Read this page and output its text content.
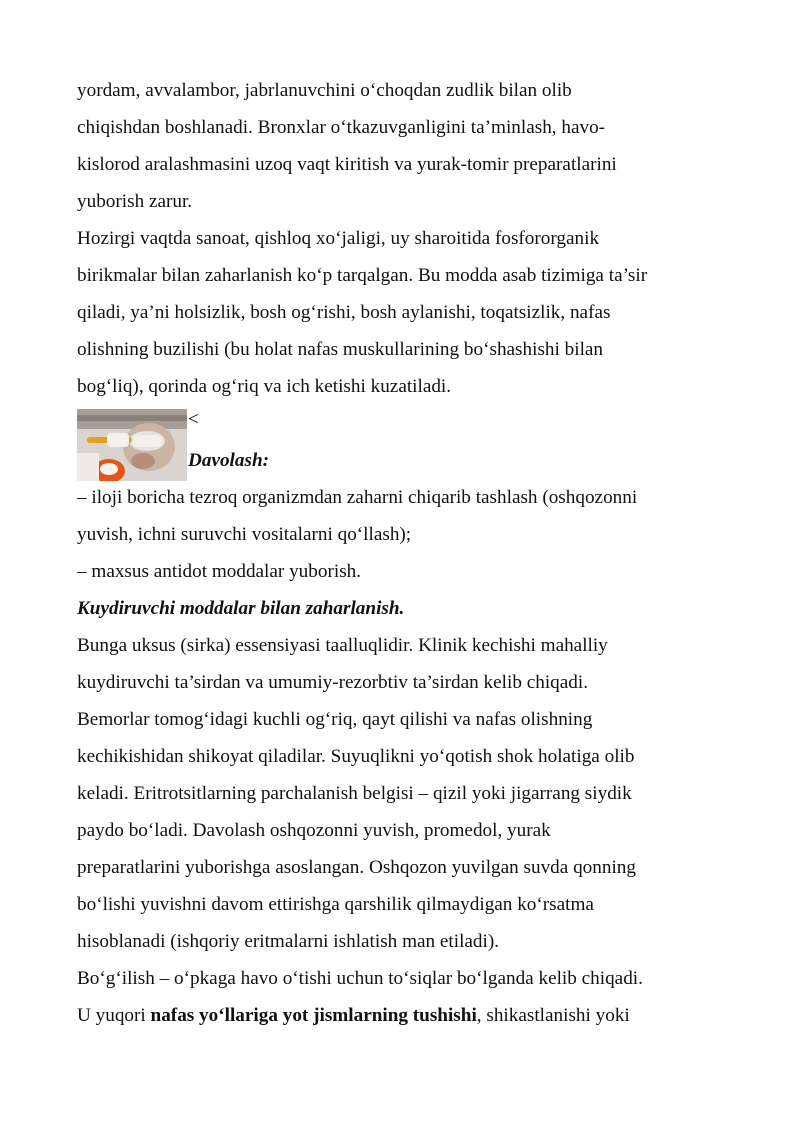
yordam, avvalambor, jabrlanuvchini o‘choqdan zudlik bilan olib
chiqishdan boshlanadi. Bronxlar o‘tkazuvganligini ta’minlash, havo-
kislorod aralashmasini uzoq vaqt kiritish va yurak-tomir preparatlarini
yuborish zarur.
Hozirgi vaqtda sanoat, qishloq xo‘jaligi, uy sharoitida fosfororganik
birikmalar bilan zaharlanish ko‘p tarqalgan. Bu modda asab tizimiga ta’sir
qiladi, ya’ni holsizlik, bosh og‘rishi, bosh aylanishi, toqatsizlik, nafas
olishning buzilishi (bu holat nafas muskullarining bo‘shashishi bilan
bog‘liq), qorinda og‘riq va ich ketishi kuzatiladi.
<
Davolash:
– iloji boricha tezroq organizmdan zaharni chiqarib tashlash (oshqozonni
yuvish, ichni suruvchi vositalarni qo‘llash);
– maxsus antidot moddalar yuborish.
Kuydiruvchi moddalar bilan zaharlanish.
Bunga uksus (sirka) essensiyasi taalluqlidir. Klinik kechishi mahalliy
kuydiruvchi ta’sirdan va umumiy-rezorbtiv ta’sirdan kelib chiqadi.
Bemorlar tomog‘idagi kuchli og‘riq, qayt qilishi va nafas olishning
kechikishidan shikoyat qiladilar. Suyuqlikni yo‘qotish shok holatiga olib
keladi. Eritrotsitlarning parchalanish belgisi – qizil yoki jigarrang siydik
paydo bo‘ladi. Davolash oshqozonni yuvish, promedol, yurak
preparatlarini yuborishga asoslangan. Oshqozon yuvilgan suvda qonning
bo‘lishi yuvishni davom ettirishga qarshilik qilmaydigan ko‘rsatma
hisoblanadi (ishqoriy eritmalarni ishlatish man etiladi).
Bo‘g‘ilish – o‘pkaga havo o‘tishi uchun to‘siqlar bo‘lganda kelib chiqadi.
U yuqori nafas yo‘llariga yot jismlarning tushishi, shikastlanishi yoki
